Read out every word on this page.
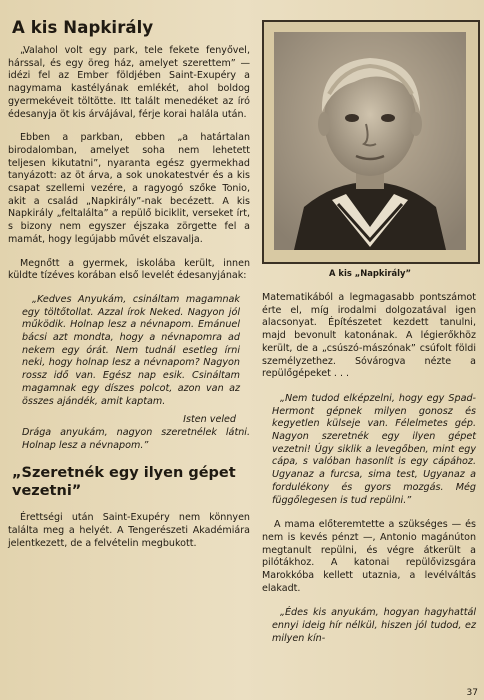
A kis Napkirály

„Valahol volt egy park, tele fekete fenyővel, hárssal, és egy öreg ház, amelyet szerettem” — idézi fel az Ember földjében Saint-Exupéry a nagymama kastélyának emlékét, ahol boldog gyermekéveit töltötte. Itt talált menedéket az író édesanyja öt kis árvájával, férje korai halála után.

Ebben a parkban, ebben „a határtalan birodalomban, amelyet soha nem lehetett teljesen kikutatni”, nyaranta egész gyermekhad tanyázott: az öt árva, a sok unokatestvér és a kis csapat szellemi vezére, a ragyogó szőke Tonio, akit a család „Napkirály”-nak becézett. A kis Napkirály „feltalálta” a repülő biciklit, verseket írt, s bizony nem egyszer éjszaka zörgette fel a mamát, hogy legújabb művét elszavalja.

Megnőtt a gyermek, iskolába került, innen küldte tízéves korában első levelét édesanyjának:

„Kedves Anyukám, csináltam magamnak egy töltőtollat. Azzal írok Neked. Nagyon jól működik. Holnap lesz a névnapom. Emánuel bácsi azt mondta, hogy a névnapomra ad nekem egy órát. Nem tudnál esetleg írni neki, hogy holnap lesz a névnapom? Nagyon rossz idő van. Egész nap esik. Csináltam magamnak egy díszes polcot, azon van az összes ajándék, amit kaptam.
Isten veled
Drága anyukám, nagyon szeretnélek látni. Holnap lesz a névnapom.”
„Szeretnék egy ilyen gépet vezetni”

Érettségi után Saint-Exupéry nem könnyen találta meg a helyét. A Tengerészeti Akadémiára jelentkezett, de a felvételin megbukott.

A kis „Napkirály”

Matematikából a legmagasabb pontszámot érte el, míg irodalmi dolgozatával igen alacsonyat. Építészetet kezdett tanulni, majd bevonult katonának. A légierőkhöz került, de a „csúszó-mászónak” csúfolt földi személyzethez. Sóvárogva nézte a repülőgépeket . . .

„Nem tudod elképzelni, hogy egy Spad-Hermont gépnek milyen gonosz és kegyetlen külseje van. Félelmetes gép. Nagyon szeretnék egy ilyen gépet vezetni! Úgy siklik a levegőben, mint egy cápa, s valóban hasonlít is egy cápához. Ugyanaz a furcsa, sima test, Ugyanaz a fordulékony és gyors mozgás. Még függőlegesen is tud repülni.”

A mama előteremtette a szükséges — és nem is kevés pénzt —, Antonio magánúton megtanult repülni, és végre átkerült a pilótákhoz. A katonai repülővizsgára Marokkóba kellett utaznia, a levélváltás elakadt.

„Édes kis anyukám, hogyan hagyhattál ennyi ideig hír nélkül, hiszen jól tudod, ez milyen kín-
37
